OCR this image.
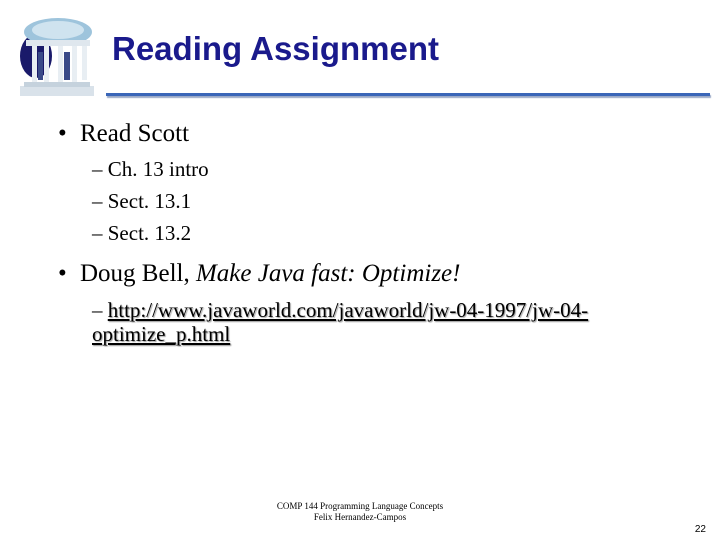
Reading Assignment
• Read Scott
– Ch. 13 intro
– Sect. 13.1
– Sect. 13.2
• Doug Bell, Make Java fast: Optimize!
– http://www.javaworld.com/javaworld/jw-04-1997/jw-04-optimize_p.html
COMP 144 Programming Language Concepts
Felix Hernandez-Campos
22
